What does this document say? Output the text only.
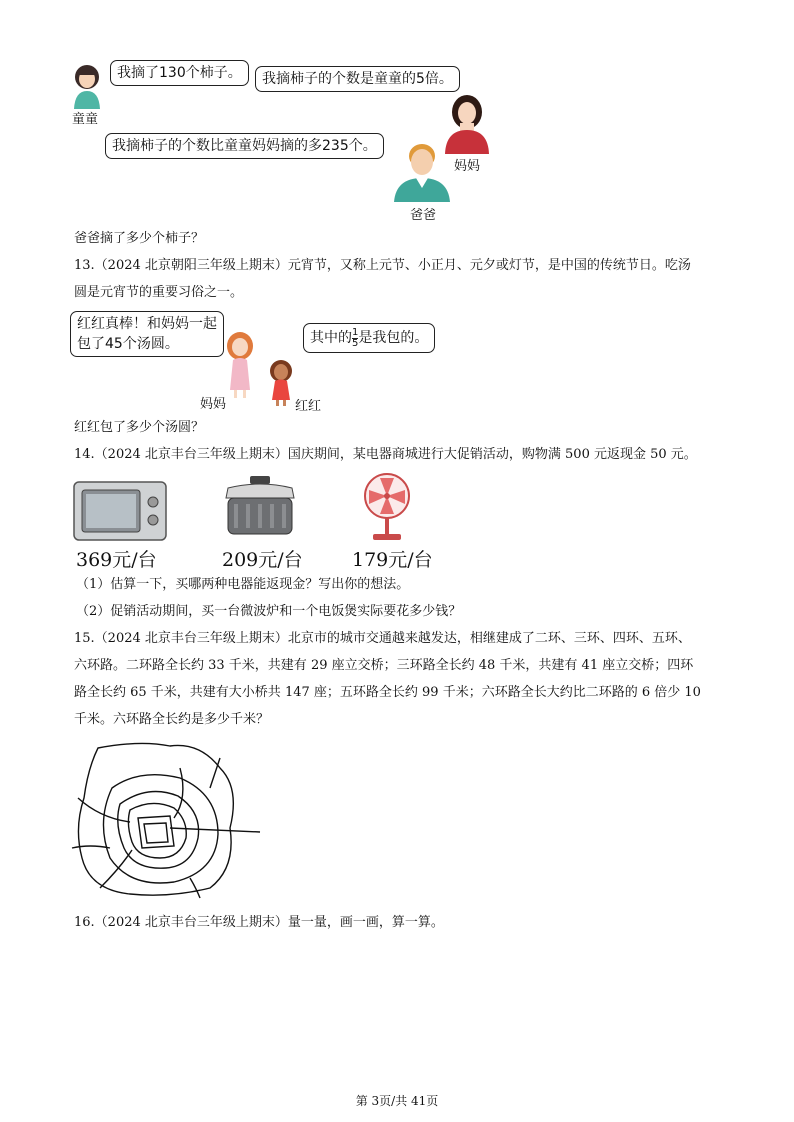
童童
我摘了130个柿子。	我摘柿子的个数是童童的5倍。
我摘柿子的个数比童童妈妈摘的多235个。
妈妈
爸爸
爸爸摘了多少个柿子？
13.（2024 北京朝阳三年级上期末）元宵节，又称上元节、小正月、元夕或灯节，是中国的传统节日。吃汤
圆是元宵节的重要习俗之一。
红红真棒！和妈妈一起
包了45个汤圆。	其中的 $\frac{1}{5}$ 是我包的。
妈妈	红红
红红包了多少个汤圆？
14.（2024 北京丰台三年级上期末）国庆期间，某电器商城进行大促销活动，购物满 500 元返现金 50 元。
369元/台	209元/台	179元/台
（1）估算一下，买哪两种电器能返现金？写出你的想法。
（2）促销活动期间，买一台微波炉和一个电饭煲实际要花多少钱？
15.（2024 北京丰台三年级上期末）北京市的城市交通越来越发达，相继建成了二环、三环、四环、五环、
六环路。二环路全长约 33 千米，共建有 29 座立交桥；三环路全长约 48 千米，共建有 41 座立交桥；四环
路全长约 65 千米，共建有大小桥共 147 座；五环路全长约 99 千米；六环路全长大约比二环路的 6 倍少 10
千米。六环路全长约是多少千米？
16.（2024 北京丰台三年级上期末）量一量，画一画，算一算。
第 3页/共 41页
